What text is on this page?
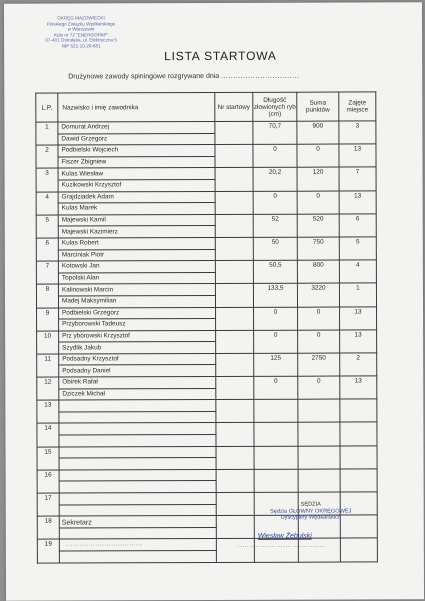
OKRĘG MAZOWIECKI
Polskiego Związku Wędkarskiego
w Warszawie
Koło nr 72 "ENERGOPAP"
07-401 Ostrołęka, ul. Ełektryczna 5
NIP 521-10-20-661
LISTA STARTOWA
Drużynowe zawody spiningowe rozgrywane dnia ................................
L.P.	Nazwisko i imię zawodnika	Nr startowy	Długość złowionych ryb (cm)	Suma punktów	Zajęte miejsce
1	Domurat Andrzej		70,7	900	3
	Dawid Grzegorz				
2	Podbielski Wojciech		0	0	13
	Fiszer Zbigniew				
3	Kulas Wiesław		20,2	120	7
	Kuzikowski Krzysztof				
4	Grajdziadek Adam		0	0	13
	Kulas Marek				
5	Majewski Kamil		52	520	6
	Majewski Kazimierz				
6	Kulas Robert		50	750	5
	Marciniak Piotr				
7	Kotowski Jan		50,5	800	4
	Topolski Alan				
8	Kalinowski Marcin		133,5	3220	1
	Madej Maksymilian				
9	Podbielski Grzegorz		0	0	13
	Przyborowski Tadeusz				
10	Prz yborowski Krzysztof		0	0	13
	Szydlik Jakub				
11	Podsadny Krzysztof		125	2750	2
	Podsadny Daniel				
12	Obirek Rafał		0	0	13
	Dziczek Michał				
13					

14					

15					

16					

17					

18					

19					

Sekretarz
..................................
SĘDZIA
Sędzia GŁÓWNY OKRĘGOWEJ
Dyscypliny Wędkarskich
Wiesław Żebulski
.......................................
